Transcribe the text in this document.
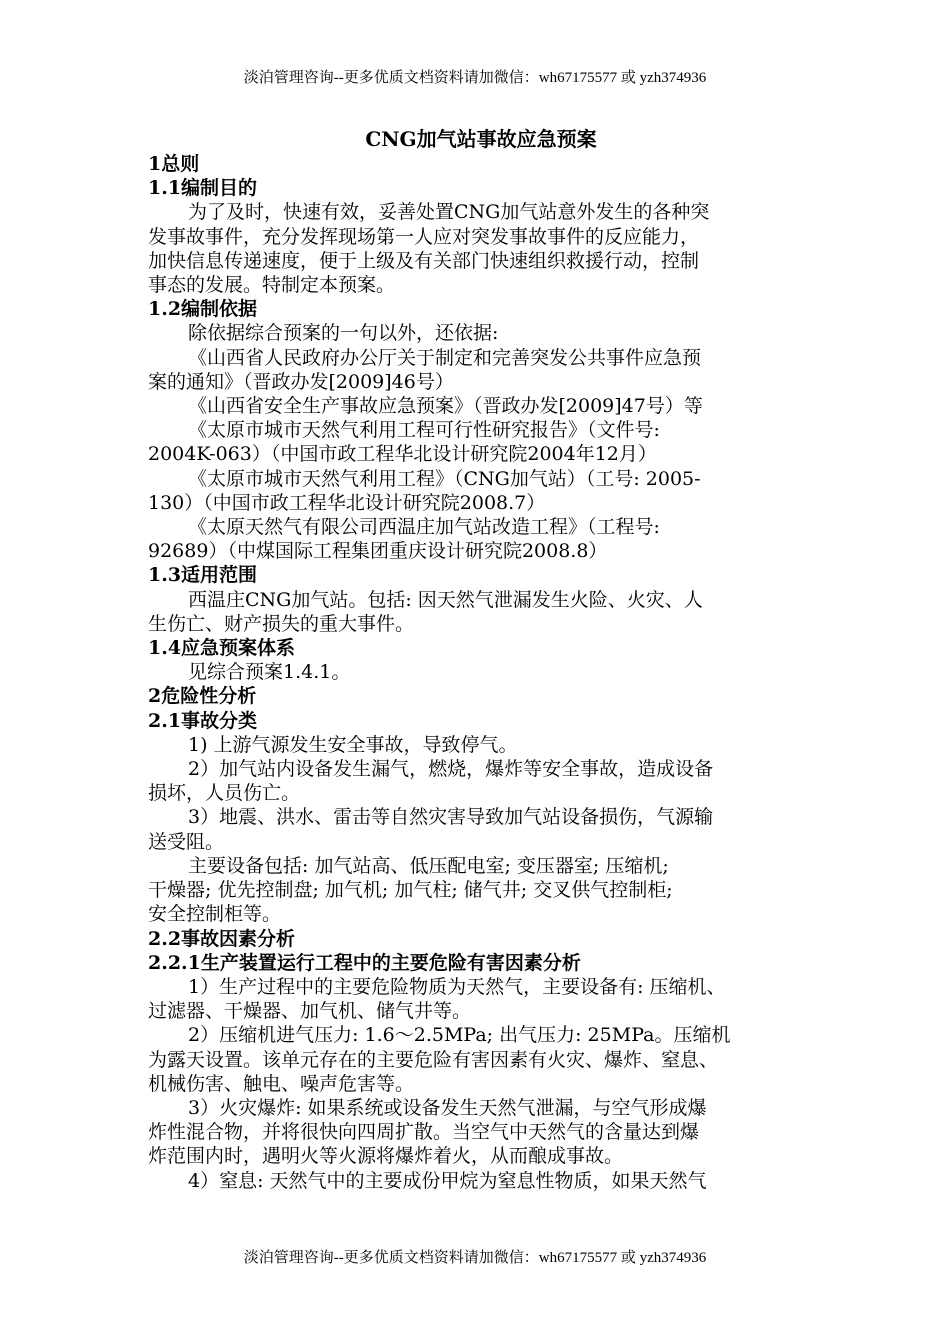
淡泊管理咨询--更多优质文档资料请加微信：wh67175577 或 yzh374936
CNG加气站事故应急预案
1总则
1.1编制目的
为了及时，快速有效，妥善处置CNG加气站意外发生的各种突
发事故事件，充分发挥现场第一人应对突发事故事件的反应能力，
加快信息传递速度，便于上级及有关部门快速组织救援行动，控制
事态的发展。特制定本预案。
1.2编制依据
除依据综合预案的一句以外，还依据:
《山西省人民政府办公厅关于制定和完善突发公共事件应急预
案的通知》（晋政办发[2009]46号）
《山西省安全生产事故应急预案》（晋政办发[2009]47号）等
《太原市城市天然气利用工程可行性研究报告》（文件号:
2004K-063）（中国市政工程华北设计研究院2004年12月）
《太原市城市天然气利用工程》（CNG加气站）（工号: 2005-
130）（中国市政工程华北设计研究院2008.7）
《太原天然气有限公司西温庄加气站改造工程》（工程号:
92689）（中煤国际工程集团重庆设计研究院2008.8）
1.3适用范围
西温庄CNG加气站。包括: 因天然气泄漏发生火险、火灾、人
生伤亡、财产损失的重大事件。
1.4应急预案体系
见综合预案1.4.1。
2危险性分析
2.1事故分类
1) 上游气源发生安全事故，导致停气。
2）加气站内设备发生漏气，燃烧，爆炸等安全事故，造成设备
损坏，人员伤亡。
3）地震、洪水、雷击等自然灾害导致加气站设备损伤，气源输
送受阻。
主要设备包括: 加气站高、低压配电室; 变压器室; 压缩机;
干燥器; 优先控制盘; 加气机; 加气柱; 储气井; 交叉供气控制柜;
安全控制柜等。
2.2事故因素分析
2.2.1生产装置运行工程中的主要危险有害因素分析
1）生产过程中的主要危险物质为天然气，主要设备有: 压缩机、
过滤器、干燥器、加气机、储气井等。
2）压缩机进气压力: 1.6～2.5MPa; 出气压力: 25MPa。压缩机
为露天设置。该单元存在的主要危险有害因素有火灾、爆炸、窒息、
机械伤害、触电、噪声危害等。
3）火灾爆炸: 如果系统或设备发生天然气泄漏，与空气形成爆
炸性混合物，并将很快向四周扩散。当空气中天然气的含量达到爆
炸范围内时，遇明火等火源将爆炸着火，从而酿成事故。
4）窒息: 天然气中的主要成份甲烷为窒息性物质，如果天然气
淡泊管理咨询--更多优质文档资料请加微信：wh67175577 或 yzh374936
